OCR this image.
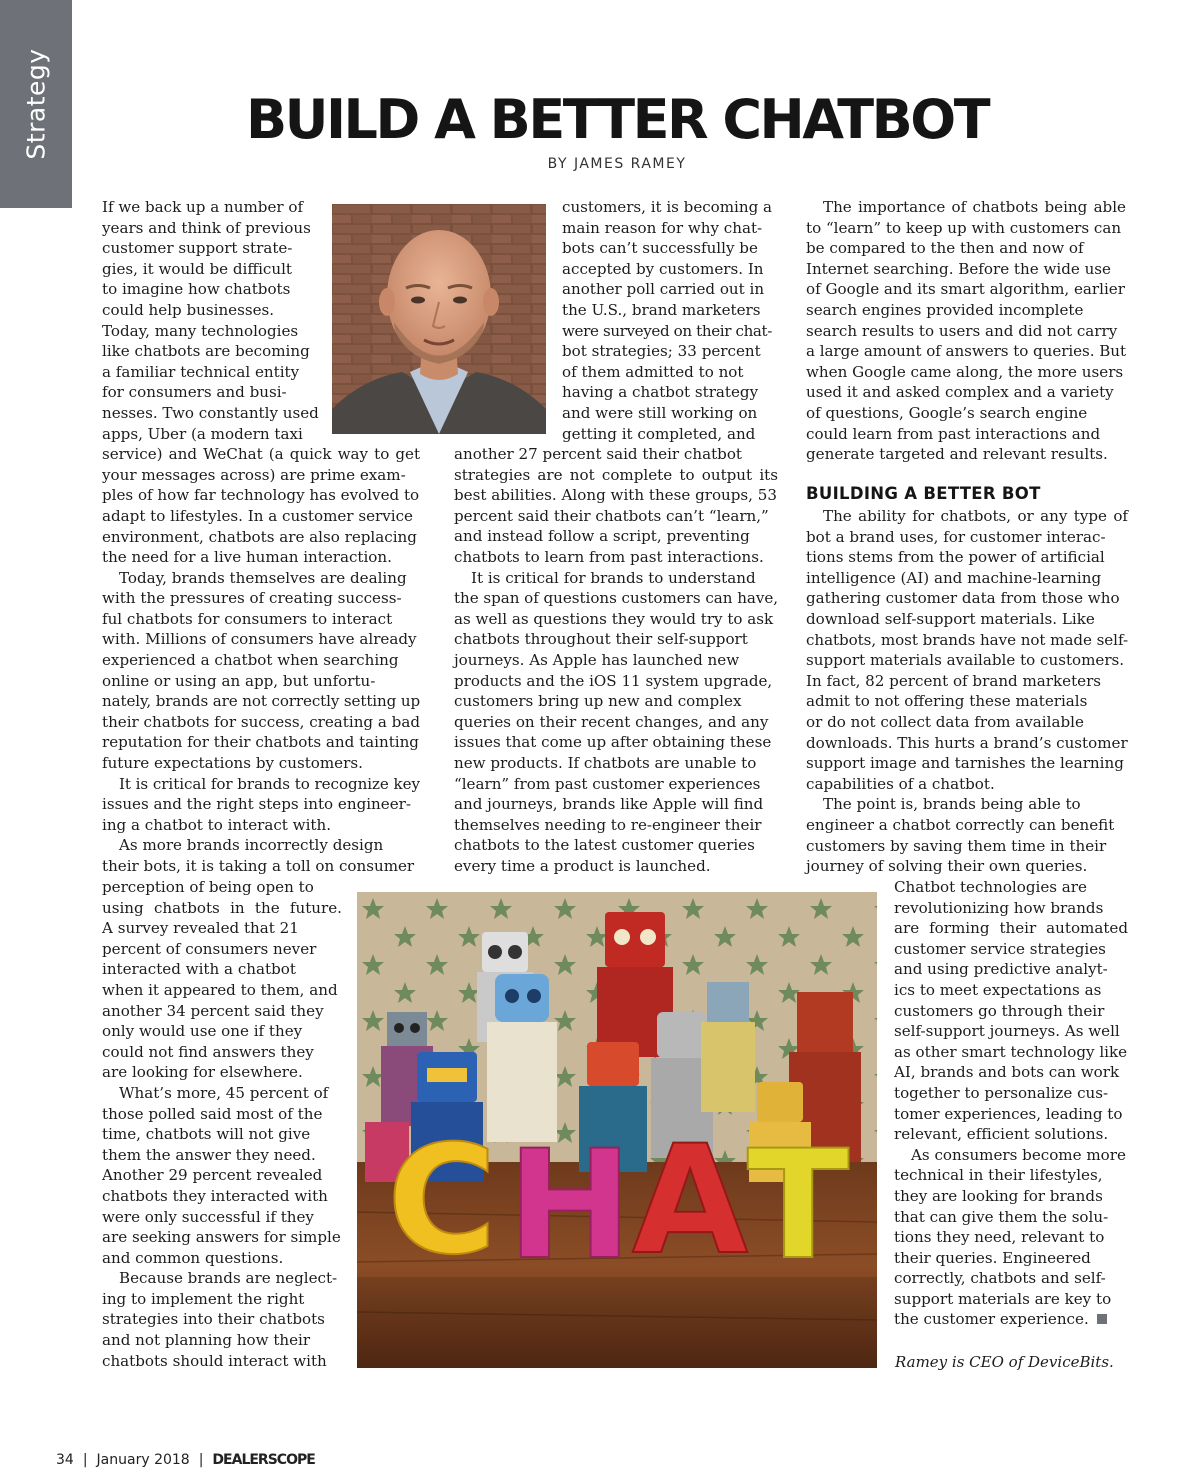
Strategy	BUILD A BETTER CHATBOT
BY JAMES RAMEY
C H A
T
If we back up a number of
years and think of previous
customer support strate-
gies, it would be difficult
to imagine how chatbots
could help businesses.
Today, many technologies
like chatbots are becoming
a familiar technical entity
for consumers and busi-
nesses. Two constantly used
apps, Uber (a modern taxi
service) and WeChat (a quick way to get
your messages across) are prime exam-
ples of how far technology has evolved to
adapt to lifestyles. In a customer service
environment, chatbots are also replacing
the need for a live human interaction.
Today, brands themselves are dealing
with the pressures of creating success-
ful chatbots for consumers to interact
with. Millions of consumers have already
experienced a chatbot when searching
online or using an app, but unfortu-
nately, brands are not correctly setting up
their chatbots for success, creating a bad
reputation for their chatbots and tainting
future expectations by customers.
It is critical for brands to recognize key
issues and the right steps into engineer-
ing a chatbot to interact with.
As more brands incorrectly design
their bots, it is taking a toll on consumer
perception of being open to
using chatbots in the future.
A survey revealed that 21
percent of consumers never
interacted with a chatbot
when it appeared to them, and
another 34 percent said they
only would use one if they
could not find answers they
are looking for elsewhere.
What’s more, 45 percent of
those polled said most of the
time, chatbots will not give
them the answer they need.
Another 29 percent revealed
chatbots they interacted with
were only successful if they
are seeking answers for simple
and common questions.
Because brands are neglect-
ing to implement the right
strategies into their chatbots
and not planning how their
chatbots should interact with
customers, it is becoming a
main reason for why chat-
bots can’t successfully be
accepted by customers. In
another poll carried out in
the U.S., brand marketers
were surveyed on their chat-
bot strategies; 33 percent
of them admitted to not
having a chatbot strategy
and were still working on
getting it completed, and
another 27 percent said their chatbot
strategies are not complete to output its
best abilities. Along with these groups, 53
percent said their chatbots can’t “learn,”
and instead follow a script, preventing
chatbots to learn from past interactions.
It is critical for brands to understand
the span of questions customers can have,
as well as questions they would try to ask
chatbots throughout their self-support
journeys. As Apple has launched new
products and the iOS 11 system upgrade,
customers bring up new and complex
queries on their recent changes, and any
issues that come up after obtaining these
new products. If chatbots are unable to
“learn” from past customer experiences
and journeys, brands like Apple will find
themselves needing to re-engineer their
chatbots to the latest customer queries
every time a product is launched.
The importance of chatbots being able
to “learn” to keep up with customers can
be compared to the then and now of
Internet searching. Before the wide use
of Google and its smart algorithm, earlier
search engines provided incomplete
search results to users and did not carry
a large amount of answers to queries. But
when Google came along, the more users
used it and asked complex and a variety
of questions, Google’s search engine
could learn from past interactions and
generate targeted and relevant results.
BUILDING A BETTER BOT
The ability for chatbots, or any type of
bot a brand uses, for customer interac-
tions stems from the power of artificial
intelligence (AI) and machine-learning
gathering customer data from those who
download self-support materials. Like
chatbots, most brands have not made self-
support materials available to customers.
In fact, 82 percent of brand marketers
admit to not offering these materials
or do not collect data from available
downloads. This hurts a brand’s customer
support image and tarnishes the learning
capabilities of a chatbot.
The point is, brands being able to
engineer a chatbot correctly can benefit
customers by saving them time in their
journey of solving their own queries.
Chatbot technologies are
revolutionizing how brands
are forming their automated
customer service strategies
and using predictive analyt-
ics to meet expectations as
customers go through their
self-support journeys. As well
as other smart technology like
AI, brands and bots can work
together to personalize cus-
tomer experiences, leading to
relevant, efficient solutions.
As consumers become more
technical in their lifestyles,
they are looking for brands
that can give them the solu-
tions they need, relevant to
their queries. Engineered
correctly, chatbots and self-
support materials are key to
the customer experience.
Ramey is CEO of DeviceBits.
34 | January 2018 | DEALERSCOPE
